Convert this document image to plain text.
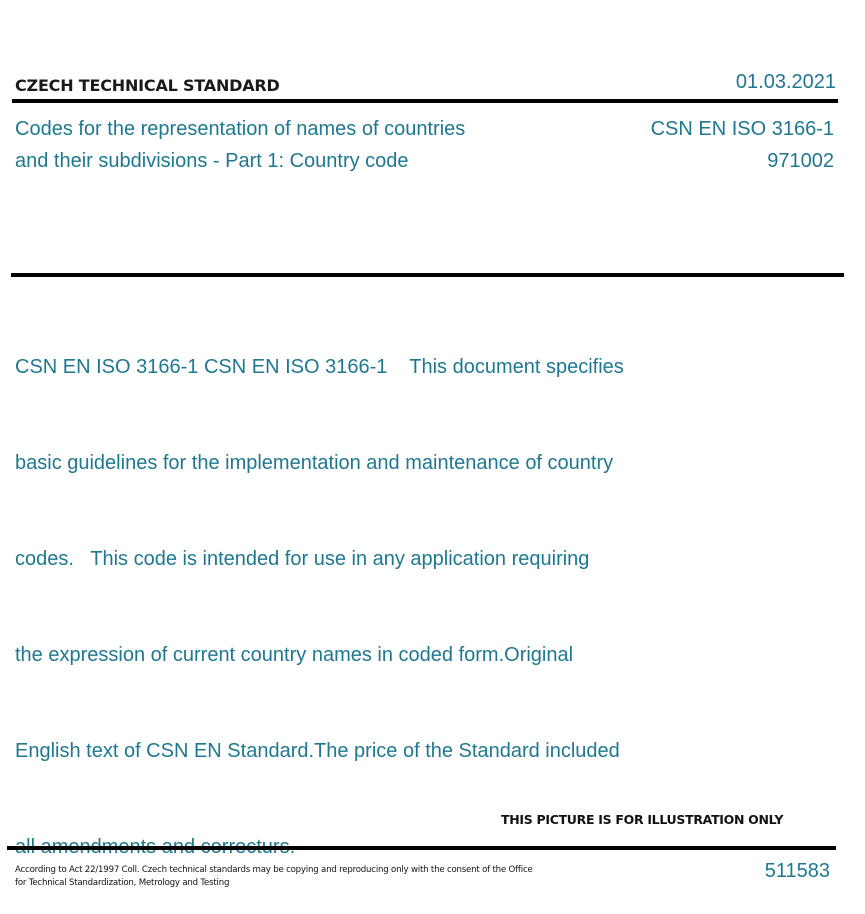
CZECH TECHNICAL STANDARD	01.03.2021
Codes for the representation of names of countries
and their subdivisions - Part 1: Country code
CSN EN ISO 3166-1
971002

CSN EN ISO 3166-1 CSN EN ISO 3166-1    This document specifies

basic guidelines for the implementation and maintenance of country

codes.   This code is intended for use in any application requiring

the expression of current country names in coded form.Original

English text of CSN EN Standard.The price of the Standard included

THIS PICTURE IS FOR ILLUSTRATION ONLY
According to Act 22/1997 Coll. Czech technical standards may be copying and reproducing only with the consent of the Office
for Technical Standardization, Metrology and Testing
511583
